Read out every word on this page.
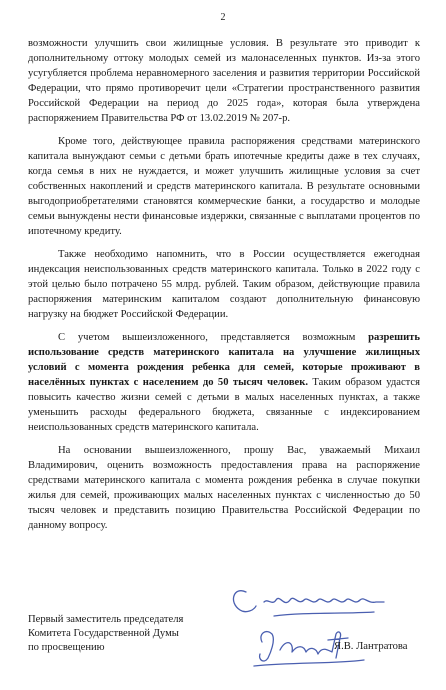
2

возможности улучшить свои жилищные условия. В результате это приводит к дополнительному оттоку молодых семей из малонаселенных пунктов. Из-за этого усугубляется проблема неравномерного заселения и развития территории Российской Федерации, что прямо противоречит цели «Стратегии пространственного развития Российской Федерации на период до 2025 года», которая была утверждена распоряжением Правительства РФ от 13.02.2019 № 207-р.

Кроме того, действующее правила распоряжения средствами материнского капитала вынуждают семьи с детьми брать ипотечные кредиты даже в тех случаях, когда семья в них не нуждается, и может улучшить жилищные условия за счет собственных накоплений и средств материнского капитала. В результате основными выгодоприобретателями становятся коммерческие банки, а государство и молодые семьи вынуждены нести финансовые издержки, связанные с выплатами процентов по ипотечному кредиту.

Также необходимо напомнить, что в России осуществляется ежегодная индексация неиспользованных средств материнского капитала. Только в 2022 году с этой целью было потрачено 55 млрд. рублей. Таким образом, действующие правила распоряжения материнским капиталом создают дополнительную финансовую нагрузку на бюджет Российской Федерации.

С учетом вышеизложенного, представляется возможным разрешить использование средств материнского капитала на улучшение жилищных условий с момента рождения ребенка для семей, которые проживают в населённых пунктах с населением до 50 тысяч человек. Таким образом удастся повысить качество жизни семей с детьми в малых населенных пунктах, а также уменьшить расходы федерального бюджета, связанные с индексированием неиспользованных средств материнского капитала.

На основании вышеизложенного, прошу Вас, уважаемый Михаил Владимирович, оценить возможность предоставления права на распоряжение средствами материнского капитала с момента рождения ребенка в случае покупки жилья для семей, проживающих малых населенных пунктах с численностью до 50 тысяч человек и представить позицию Правительства Российской Федерации по данному вопросу.

Первый заместитель председателя
Комитета Государственной Думы
по просвещению	Я.В. Лантратова
